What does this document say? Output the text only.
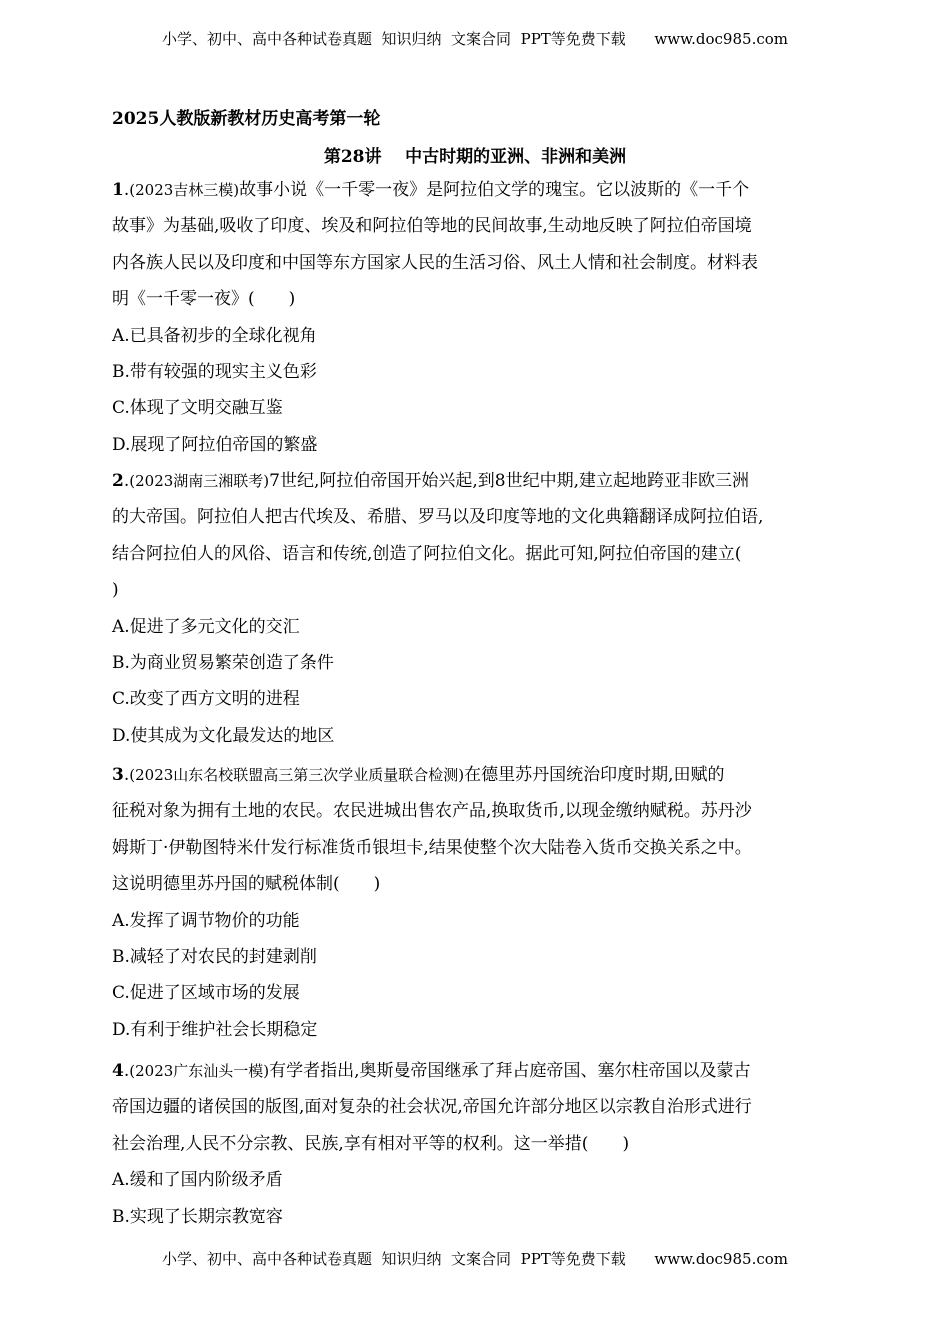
小学、初中、高中各种试卷真题  知识归纳  文案合同  PPT等免费下载      www.doc985.com
2025人教版新教材历史高考第一轮
第28讲    中古时期的亚洲、非洲和美洲

1.(2023吉林三模)故事小说《一千零一夜》是阿拉伯文学的瑰宝。它以波斯的《一千个

故事》为基础,吸收了印度、埃及和阿拉伯等地的民间故事,生动地反映了阿拉伯帝国境

内各族人民以及印度和中国等东方国家人民的生活习俗、风土人情和社会制度。材料表

明《一千零一夜》(　　)

A.已具备初步的全球化视角

B.带有较强的现实主义色彩

C.体现了文明交融互鉴

D.展现了阿拉伯帝国的繁盛

2.(2023湖南三湘联考)7世纪,阿拉伯帝国开始兴起,到8世纪中期,建立起地跨亚非欧三洲

的大帝国。阿拉伯人把古代埃及、希腊、罗马以及印度等地的文化典籍翻译成阿拉伯语,

结合阿拉伯人的风俗、语言和传统,创造了阿拉伯文化。据此可知,阿拉伯帝国的建立(

)

A.促进了多元文化的交汇

B.为商业贸易繁荣创造了条件

C.改变了西方文明的进程

D.使其成为文化最发达的地区

3.(2023山东名校联盟高三第三次学业质量联合检测)在德里苏丹国统治印度时期,田赋的

征税对象为拥有土地的农民。农民进城出售农产品,换取货币,以现金缴纳赋税。苏丹沙

姆斯丁·伊勒图特米什发行标准货币银坦卡,结果使整个次大陆卷入货币交换关系之中。

这说明德里苏丹国的赋税体制(　　)

A.发挥了调节物价的功能

B.减轻了对农民的封建剥削

C.促进了区域市场的发展

D.有利于维护社会长期稳定

4.(2023广东汕头一模)有学者指出,奥斯曼帝国继承了拜占庭帝国、塞尔柱帝国以及蒙古

帝国边疆的诸侯国的版图,面对复杂的社会状况,帝国允许部分地区以宗教自治形式进行

社会治理,人民不分宗教、民族,享有相对平等的权利。这一举措(　　)

A.缓和了国内阶级矛盾

B.实现了长期宗教宽容

小学、初中、高中各种试卷真题  知识归纳  文案合同  PPT等免费下载      www.doc985.com
